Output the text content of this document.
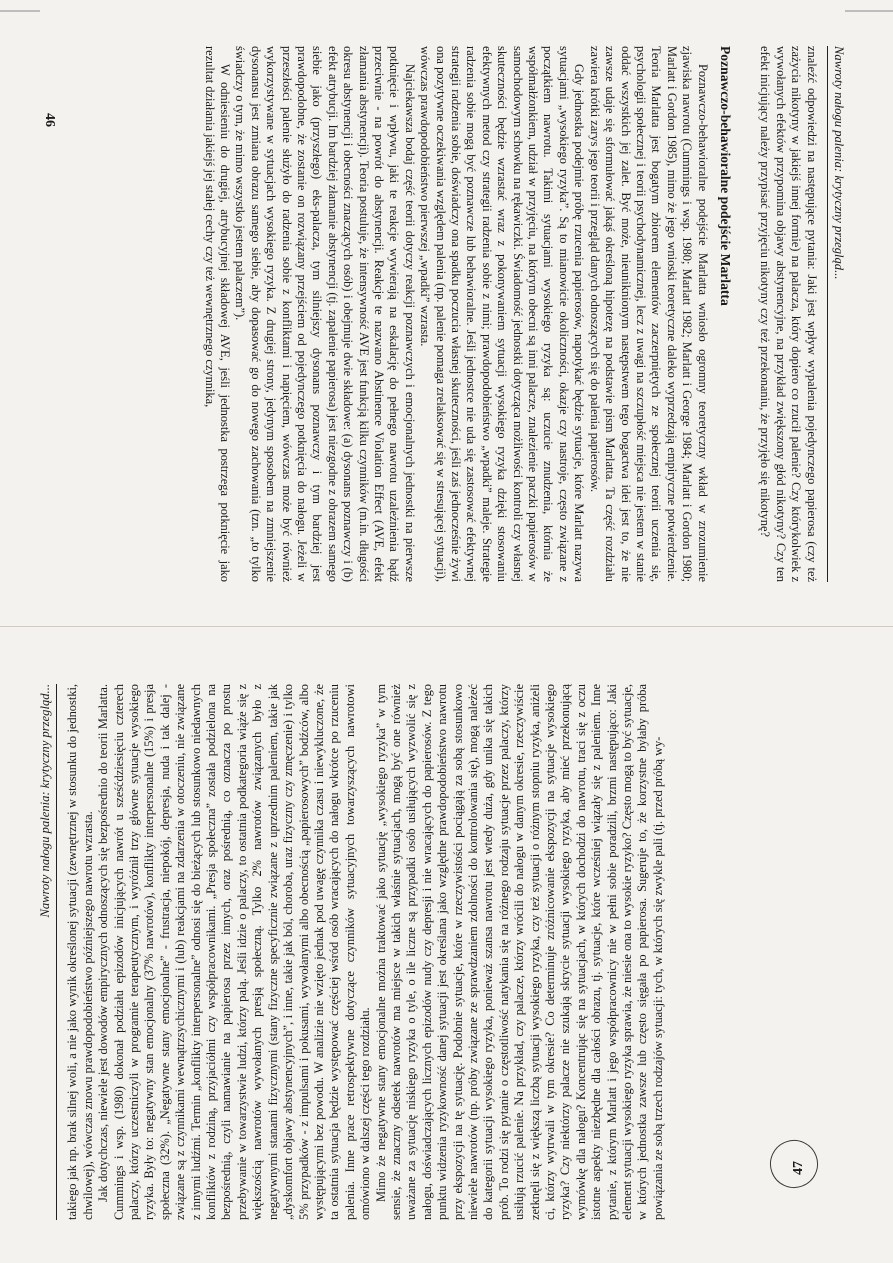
Nawroty nałogu palenia: krytyczny przegląd...

znaleźć odpowiedzi na następujące pytania: Jaki jest wpływ wypalenia pojedynczego papierosa (czy też zażycia nikotyny w jakiejś innej formie) na palacza, który dopiero co rzucił palenie? Czy którykolwiek z wywołanych efektów przypomina objawy abstynencyjne, na przykład zwiększony głód nikotyny? Czy ten efekt inicjujący należy przypisać przyjęciu nikotyny czy też przekonaniu, że przyjęło się nikotynę?

Poznawczo-behawioralne podejście Marlatta

Poznawczo-behawioralne podejście Marlatta wniosło ogromny teoretyczny wkład w zrozumienie zjawiska nawrotu (Cummings i wsp. 1980; Marlatt 1982; Marlatt i George 1984; Marlatt i Gordon 1980; Marlatt i Gordon 1985), mimo że jego wnioski teoretyczne daleko wyprzedzają empiryczne potwierdzenie. Teoria Marlatta jest bogatym zbiorem elementów zaczerpniętych ze społecznej teorii uczenia się, psychologii społecznej i teorii psychodynamicznej, lecz z uwagi na szczupłość miejsca nie jestem w stanie oddać wszystkich jej zalet. Być może, nieuniknionym następstwem tego bogactwa idei jest to, że nie zawsze udaje się sformułować jakąś określoną hipotezę na podstawie pism Marlatta. Ta część rozdziału zawiera krótki zarys jego teorii i przegląd danych odnoszących się do palenia papierosów.

Gdy jednostka podejmie próbę rzucenia papierosów, napotykać będzie sytuacje, które Marlatt nazywa sytuacjami „wysokiego ryzyka”. Są to mianowicie okoliczności, okazje czy nastroje, często związane z początkiem nawrotu. Takimi sytuacjami wysokiego ryzyka są: uczucie znudzenia, którnia że współmałżonkiem, udział w przyjęciu, na którym obecni są inni palacze, znalezienie paczki papierosów w samochodowym schowku na rękawiczki. Świadomość jednostki dotycząca możliwości kontroli czy własnej skuteczności będzie wzrastać wraz z pokonywaniem sytuacji wysokiego ryzyka dzięki stosowaniu efektywnych metod czy strategii radzenia sobie z nimi; prawdopodobieństwo „wpadki” maleje. Strategie radzenia sobie mogą być poznawcze lub behawioralne. Jeśli jednostce nie uda się zastosować efektywnej strategii radzenia sobie, doświadczy ona spadku poczucia własnej skuteczności, jeśli zaś jednocześnie żywi ona pozytywne oczekiwania względem palenia (np. palenie pomaga zrelaksować się w stresującej sytuacji), wówczas prawdopodobieństwo pierwszej „wpadki” wzrasta.

Najciekawsza bodaj część teorii dotyczy reakcji poznawczych i emocjonalnych jednostki na pierwsze potknięcie i wpływu, jaki te reakcje wywierają na eskalację do pełnego nawrotu uzależnienia bądź przeciwnie - na powrót do abstynencji. Reakcje te nazwano Abstinence Violation Effect (AVE, efekt złamania abstynencji). Teoria postuluje, że intensywność AVE jest funkcją kilku czynników (m.in. długości okresu abstynencji i obecności znaczących osób) i obejmuje dwie składowe: (a) dysonans poznawczy i (b) efekt atrybucji. Im bardziej złamanie abstynencji (tj. zapalenie papierosa) jest niezgodne z obrazem samego siebie jako (przyszłego) eks-palacza, tym silniejszy dysonans poznawczy i tym bardziej jest prawdopodobne, że zostanie on rozwiązany przejściem od pojedynczego potknięcia do nałogu. Jeżeli w przeszłości palenie służyło do radzenia sobie z konfliktami i napięciem, wówczas może być również wykorzystywane w sytuacjach wysokiego ryzyka. Z drugiej strony, jedynym sposobem na zmniejszenie dysonansu jest zmiana obrazu samego siebie, aby dopasować go do nowego zachowania (tzn. „to tylko świadczy o tym, że mimo wszystko jestem palaczem”).

W odniesieniu do drugiej, atrybucyjnej składowej AVE, jeśli jednostka postrzega potknięcie jako rezultat działania jakiejś jej stałej cechy czy też wewnętrznego czynnika,

46
Nawroty nałogu palenia: krytyczny przegląd...	takiego jak np. brak silnej woli, a nie jako wynik określonej sytuacji (zewnętrznej w stosunku do jednostki, chwilowej), wówczas znowu prawdopodobieństwo późniejszego nawrotu wzrasta. Jak dotychczas, niewiele jest dowodów empirycznych odnoszących się bezpośrednio do teorii Marlatta. Cummings i wsp. (1980) dokonał podziału epizodów inicjujących nawrót u sześćdziesięciu czterech palaczy, którzy uczestniczyli w programie terapeutycznym, i wyróżnił trzy główne sytuacje wysokiego ryzyka. Były to: negatywny stan emocjonalny (37% nawrotów), konflikty interpersonalne (15%) i presja społeczna (32%). „Negatywne stany emocjonalne” - frustracja, niepokój, depresja, nuda i tak dalej - związane są z czynnikami wewnątrzsychicznymi i (lub) reakcjami na zdarzenia w otoczeniu, nie związane z innymi ludźmi. Termin „konflikty interpersonalne” odnosi się do bieżących lub stosunkowo niedawnych konfliktów z rodziną, przyjaciółmi czy współpracownikami. „Presja społeczna” została podzielona na bezpośrednią, czyli namawianie na papierosa przez innych, oraz pośrednią, co oznacza po prostu przebywanie w towarzystwie ludzi, którzy palą. Jeśli idzie o palaczy, to ostatnia podkategoria wiąże się z większością nawrotów wywołanych presją społeczną. Tylko 2% nawrotów związanych było z negatywnymi stanami fizycznymi (stany fizyczne specyficznie związane z uprzednim paleniem, takie jak „dyskomfort objawy abstynencyjnych”, i inne, takie jak ból, choroba, uraz fizyczny czy zmęczenie) i tylko 5% przypadków - z impulsami i pokusami, wywołanymi albo obecnością „papierosowych” bodźców, albo występującymi bez powodu. W analizie nie wzięto jednak pod uwagę czynnika czasu i niewykluczone, że ta ostatnia sytuacja będzie występować częściej wśród osób wracających do nałogu wkrótce po rzuceniu palenia. Inne prace retrospektywne dotyczące czynników sytuacyjnych towarzyszących nawrotowi omówiono w dalszej części tego rozdziału. Mimo że negatywne stany emocjonalne można traktować jako sytuację „wysokiego ryzyka” w tym sensie, że znaczny odsetek nawrotów ma miejsce w takich właśnie sytuacjach, mogą być one również uważane za sytuację niskiego ryzyka o tyle, o ile liczne są przypadki osób usiłujących wyzwolić się z nałogu, doświadczających licznych epizodów nudy czy depresji i nie wracających do papierosów. Z tego punktu widzenia ryzykowność danej sytuacji jest określana jako względne prawdopodobieństwo nawrotu przy ekspozycji na tę sytuację. Podobnie sytuacje, które w rzeczywistości pociągają za sobą stosunkowo niewiele nawrotów (np. próby związane ze sprawdzaniem zdolności do kontrolowania się), mogą należeć do kategorii sytuacji wysokiego ryzyka, ponieważ szansa nawrotu jest wtedy duża, gdy unika się takich prób. To rodzi się pytanie o częstotliwość natykania się na różnego rodzaju sytuacje przez palaczy, którzy usiłują rzucić palenie. Na przykład, czy palacze, którzy wrócili do nałogu w danym okresie, rzeczywiście zetknęli się z większą liczbą sytuacji wysokiego ryzyka, czy też sytuacji o różnym stopniu ryzyka, aniżeli ci, którzy wytrwali w tym okresie? Co determinuje zróżnicowanie ekspozycji na sytuacje wysokiego ryzyka? Czy niektórzy palacze nie szukają skrycie sytuacji wysokiego ryzyka, aby mieć przekonującą wymówkę dla nałogu? Koncentrując się na sytuacjach, w których dochodzi do nawrotu, traci się z oczu istotne aspekty niezbędne dla całości obrazu, tj. sytuacje, które wcześniej wiązały się z paleniem. Inne pytanie, z którym Marlatt i jego współpracownicy nie w pełni sobie poradzili, brzmi następująco: Jaki element sytuacji wysokiego ryzyka sprawia, że niesie ona to wysokie ryzyko? Często mogą to być sytuacje, w których jednostka zawsze lub często sięgała po papierosa. Sugeruje to, że korzystne byłaby próba powiązania ze sobą trzech rodzajów sytuacji: tych, w których się zwykle pali (tj. przed próbą wy-	47
